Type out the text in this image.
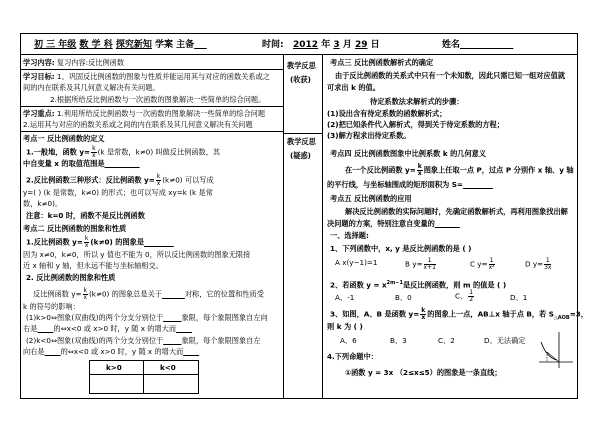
初 三 年级 数 学 科 探究新知 学案 主备	时间: 2012 年 3 月 29 日	姓名
学习内容: 复习内容:反比例函数
学习目标: 1、巩固反比例函数的图象与性质并能运用其与对应的函数关系或之
间的内在联系及其几何意义解决有关问题。
2.根据所给反比例函数与一次函数的图象解决一些简单的综合问题。
学习重点: 1.利用所给反比例函数与一次函数的图象解决一些简单的综合问题
2.运用其与对应的函数关系或之间的内在联系及其几何意义解决有关问题
考点一 反比例函数的定义
1.一般地，函数 $y= \frac{k}{x} (k$ 是常数，k≠0) 叫做反比例函数，其
中自变量 x 的取值范围是
2.反比例函数三种形式：反比例函数 $y= \frac{k}{x} (k\ne 0)$ 可以写成
y=( ) (k 是常数，k≠0) 的形式；也可以写成 xy=k (k 是常
数，k≠0)。
注意：k=0 时，函数不是反比例函数
考点二 反比例函数的图象和性质
1.反比例函数 $y= \frac{k}{x} (k\ne 0)$ 的图象是
因为 x≠0，k≠0，所以 y 值也不能为 0，所以反比例函数的图象无限接
近 x 轴和 y 轴，但永远不能与坐标轴相交。
2. 反比例函数的图象和性质
反比例函数 $y= \frac{k}{x} (k\ne 0)$ 的图象总是关于	对称，它的位置和性质受
k 的符号的影响：
(1)k>0⇔图象(双曲线)的两个分支分别位于	象限，每个象限图象自左向
右是 的⇔x<0 或 x>0 时，y 随 x 的增大而
(2)k<0⇔图象(双曲线)的两个分支分别位于	象限，每个象限图象自左
向右是 的⇔x<0 或 x>0 时，y 随 x 的增大而
k>0	k<0
教学反思
(收获)
教学反思
(疑惑)
考点三 反比例函数解析式的确定
由于反比例函数的关系式中只有一个未知数，因此只需已知一组对应值就
可求出 k 的值。
待定系数法求解析式的步骤：
(1)设出含有待定系数的函数解析式；
(2)把已知条件代入解析式，得到关于待定系数的方程；
(3)解方程求出待定系数。
考点四 反比例函数图象中比例系数 k 的几何意义
在一个反比例函数 $y= \frac{k}{x}$ 图象上任取一点 P，过点 P 分别作 x 轴、y 轴
的平行线，与坐标轴围成的矩形面积为 S=
考点五 反比例函数的应用
解决反比例函数的实际问题时，先确定函数解析式，再利用图象找出解
决问题的方案，特别注意自变量的
一、选择题:
1、下列函数中，x, y 是反比例函数的是 ( )
A x(y−1)=1	B $y= \frac{1}{x+1}$	C $y= \frac{1}{\text{x²}}$	D $y= \frac{1}{3x}$
2、若函数 $y = x^{2m-1}$是反比例函数，则 m 的值是 ( )
A、-1	B、0	C、 $\frac{1}{2}$	D、1
3、如图，A、B 是函数 $y= \frac{k}{x}$ 的图象上一点，AB⊥x 轴于点 B，若 $S_{\triangle AOB}=3$，
则 k 为 ( )
A、6	B、3	C、2	D、无法确定
4.下列命题中：
①函数 y = 3x （2≤x≤5）的图象是一条直线；
